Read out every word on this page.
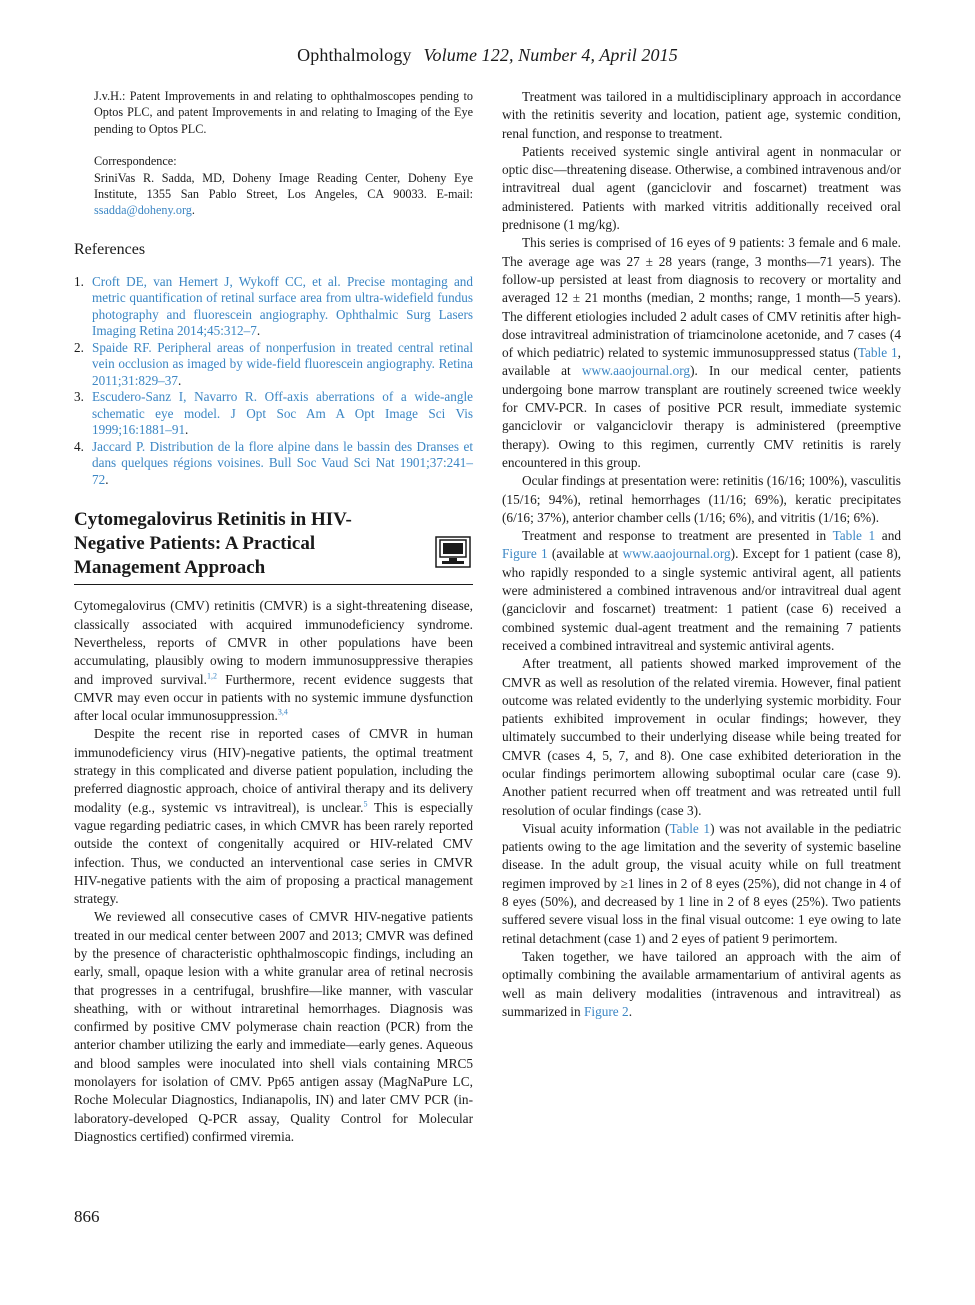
Ophthalmology Volume 122, Number 4, April 2015

J.v.H.: Patent Improvements in and relating to ophthalmoscopes pending to Optos PLC, and patent Improvements in and relating to Imaging of the Eye pending to Optos PLC.

Correspondence:

SriniVas R. Sadda, MD, Doheny Image Reading Center, Doheny Eye Institute, 1355 San Pablo Street, Los Angeles, CA 90033. E-mail: ssadda@doheny.org.

References
1. Croft DE, van Hemert J, Wykoff CC, et al. Precise montaging and metric quantification of retinal surface area from ultra-widefield fundus photography and fluorescein angiography. Ophthalmic Surg Lasers Imaging Retina 2014;45:312–7.
2. Spaide RF. Peripheral areas of nonperfusion in treated central retinal vein occlusion as imaged by wide-field fluorescein angiography. Retina 2011;31:829–37.
3. Escudero-Sanz I, Navarro R. Off-axis aberrations of a wide-angle schematic eye model. J Opt Soc Am A Opt Image Sci Vis 1999;16:1881–91.
4. Jaccard P. Distribution de la flore alpine dans le bassin des Dranses et dans quelques régions voisines. Bull Soc Vaud Sci Nat 1901;37:241–72.
Cytomegalovirus Retinitis in HIV-Negative Patients: A Practical Management Approach

Cytomegalovirus (CMV) retinitis (CMVR) is a sight-threatening disease, classically associated with acquired immunodeficiency syndrome. Nevertheless, reports of CMVR in other populations have been accumulating, plausibly owing to modern immunosuppressive therapies and improved survival.$^{1,2}$ Furthermore, recent evidence suggests that CMVR may even occur in patients with no systemic immune dysfunction after local ocular immunosuppression.$^{3,4}$

Despite the recent rise in reported cases of CMVR in human immunodeficiency virus (HIV)-negative patients, the optimal treatment strategy in this complicated and diverse patient population, including the preferred diagnostic approach, choice of antiviral therapy and its delivery modality (e.g., systemic vs intravitreal), is unclear.$^5$ This is especially vague regarding pediatric cases, in which CMVR has been rarely reported outside the context of congenitally acquired or HIV-related CMV infection. Thus, we conducted an interventional case series in CMVR HIV-negative patients with the aim of proposing a practical management strategy.

We reviewed all consecutive cases of CMVR HIV-negative patients treated in our medical center between 2007 and 2013; CMVR was defined by the presence of characteristic ophthalmoscopic findings, including an early, small, opaque lesion with a white granular area of retinal necrosis that progresses in a centrifugal, brushfire—like manner, with vascular sheathing, with or without intraretinal hemorrhages. Diagnosis was confirmed by positive CMV polymerase chain reaction (PCR) from the anterior chamber utilizing the early and immediate—early genes. Aqueous and blood samples were inoculated into shell vials containing MRC5 monolayers for isolation of CMV. Pp65 antigen assay (MagNaPure LC, Roche Molecular Diagnostics, Indianapolis, IN) and later CMV PCR (in-laboratory-developed Q-PCR assay, Quality Control for Molecular Diagnostics certified) confirmed viremia.

Treatment was tailored in a multidisciplinary approach in accordance with the retinitis severity and location, patient age, systemic condition, renal function, and response to treatment.

Patients received systemic single antiviral agent in nonmacular or optic disc—threatening disease. Otherwise, a combined intravenous and/or intravitreal dual agent (ganciclovir and foscarnet) treatment was administered. Patients with marked vitritis additionally received oral prednisone (1 mg/kg).

This series is comprised of 16 eyes of 9 patients: 3 female and 6 male. The average age was 27 ± 28 years (range, 3 months—71 years). The follow-up persisted at least from diagnosis to recovery or mortality and averaged 12 ± 21 months (median, 2 months; range, 1 month—5 years). The different etiologies included 2 adult cases of CMV retinitis after high-dose intravitreal administration of triamcinolone acetonide, and 7 cases (4 of which pediatric) related to systemic immunosuppressed status (Table 1, available at www.aaojournal.org). In our medical center, patients undergoing bone marrow transplant are routinely screened twice weekly for CMV-PCR. In cases of positive PCR result, immediate systemic ganciclovir or valganciclovir therapy is administered (preemptive therapy). Owing to this regimen, currently CMV retinitis is rarely encountered in this group.

Ocular findings at presentation were: retinitis (16/16; 100%), vasculitis (15/16; 94%), retinal hemorrhages (11/16; 69%), keratic precipitates (6/16; 37%), anterior chamber cells (1/16; 6%), and vitritis (1/16; 6%).

Treatment and response to treatment are presented in Table 1 and Figure 1 (available at www.aaojournal.org). Except for 1 patient (case 8), who rapidly responded to a single systemic antiviral agent, all patients were administered a combined intravenous and/or intravitreal dual agent (ganciclovir and foscarnet) treatment: 1 patient (case 6) received a combined systemic dual-agent treatment and the remaining 7 patients received a combined intravitreal and systemic antiviral agents.

After treatment, all patients showed marked improvement of the CMVR as well as resolution of the related viremia. However, final patient outcome was related evidently to the underlying systemic morbidity. Four patients exhibited improvement in ocular findings; however, they ultimately succumbed to their underlying disease while being treated for CMVR (cases 4, 5, 7, and 8). One case exhibited deterioration in the ocular findings perimortem allowing suboptimal ocular care (case 9). Another patient recurred when off treatment and was retreated until full resolution of ocular findings (case 3).

Visual acuity information (Table 1) was not available in the pediatric patients owing to the age limitation and the severity of systemic baseline disease. In the adult group, the visual acuity while on full treatment regimen improved by ≥1 lines in 2 of 8 eyes (25%), did not change in 4 of 8 eyes (50%), and decreased by 1 line in 2 of 8 eyes (25%). Two patients suffered severe visual loss in the final visual outcome: 1 eye owing to late retinal detachment (case 1) and 2 eyes of patient 9 perimortem.

Taken together, we have tailored an approach with the aim of optimally combining the available armamentarium of antiviral agents as well as main delivery modalities (intravenous and intravitreal) as summarized in Figure 2.

866
